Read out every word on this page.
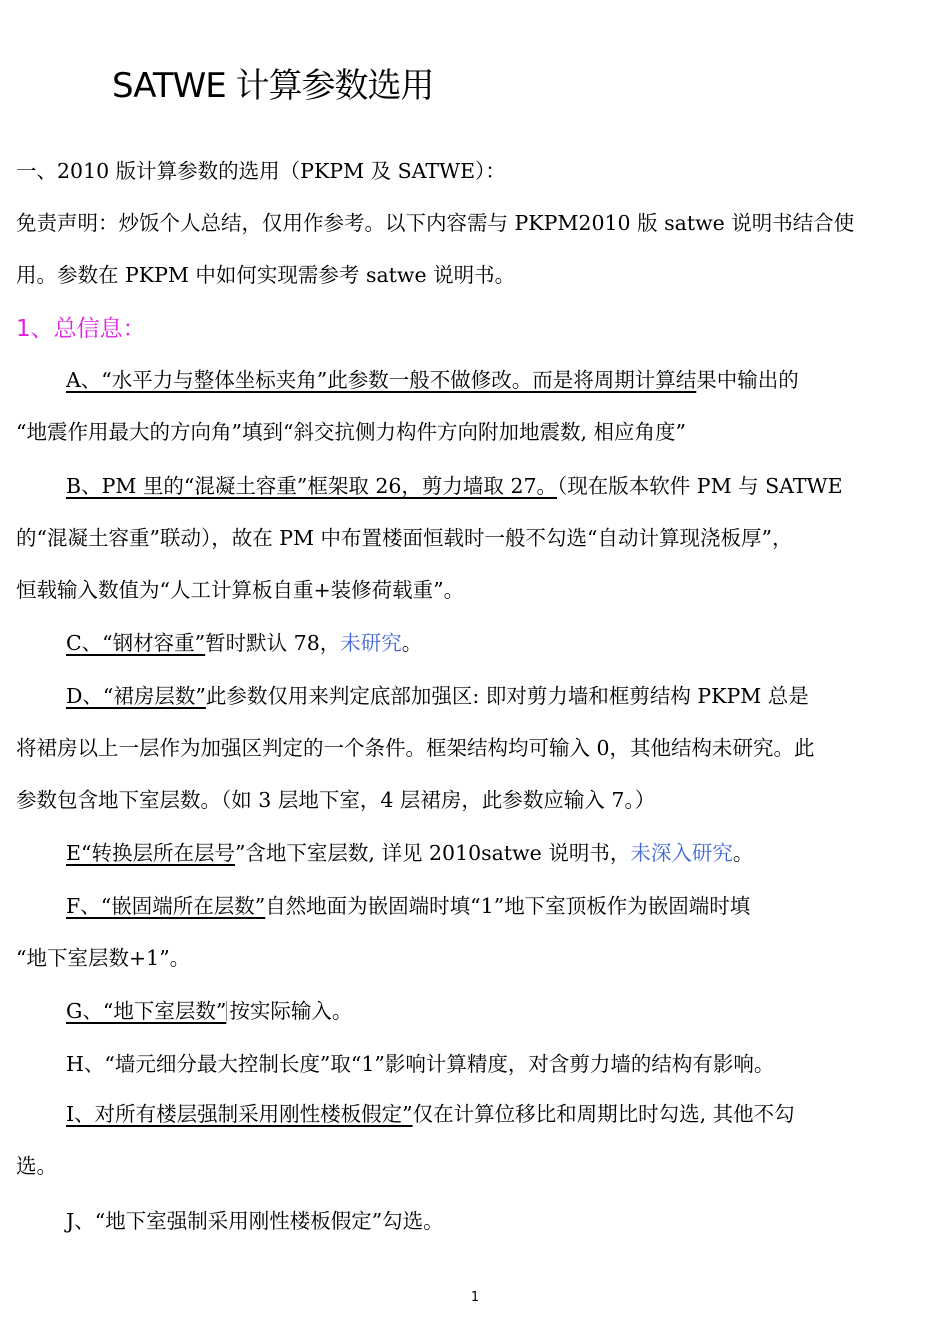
SATWE 计算参数选用
一、2010 版计算参数的选用（PKPM 及 SATWE）：
免责声明：炒饭个人总结，仅用作参考。以下内容需与 PKPM2010 版 satwe 说明书结合使
用。参数在 PKPM 中如何实现需参考 satwe 说明书。
1、总信息：
A、“水平力与整体坐标夹角”此参数一般不做修改。而是将周期计算结果中输出的
“地震作用最大的方向角”填到“斜交抗侧力构件方向附加地震数, 相应角度”
B、PM 里的“混凝土容重”框架取 26，剪力墙取 27。（现在版本软件 PM 与 SATWE
的“混凝土容重”联动），故在 PM 中布置楼面恒载时一般不勾选“自动计算现浇板厚”，
恒载输入数值为“人工计算板自重+装修荷载重”。
C、“钢材容重”暂时默认 78，未研究。
D、“裙房层数”此参数仅用来判定底部加强区: 即对剪力墙和框剪结构 PKPM 总是
将裙房以上一层作为加强区判定的一个条件。框架结构均可输入 0，其他结构未研究。此
参数包含地下室层数。（如 3 层地下室，4 层裙房，此参数应输入 7。）
E“转换层所在层号”含地下室层数, 详见 2010satwe 说明书，未深入研究。
F、“嵌固端所在层数”自然地面为嵌固端时填“1”地下室顶板作为嵌固端时填
“地下室层数+1”。
G、“地下室层数” 按实际输入。
H、“墙元细分最大控制长度”取“1”影响计算精度，对含剪力墙的结构有影响。
I、对所有楼层强制采用刚性楼板假定”仅在计算位移比和周期比时勾选, 其他不勾
选。
J、“地下室强制采用刚性楼板假定”勾选。
1
